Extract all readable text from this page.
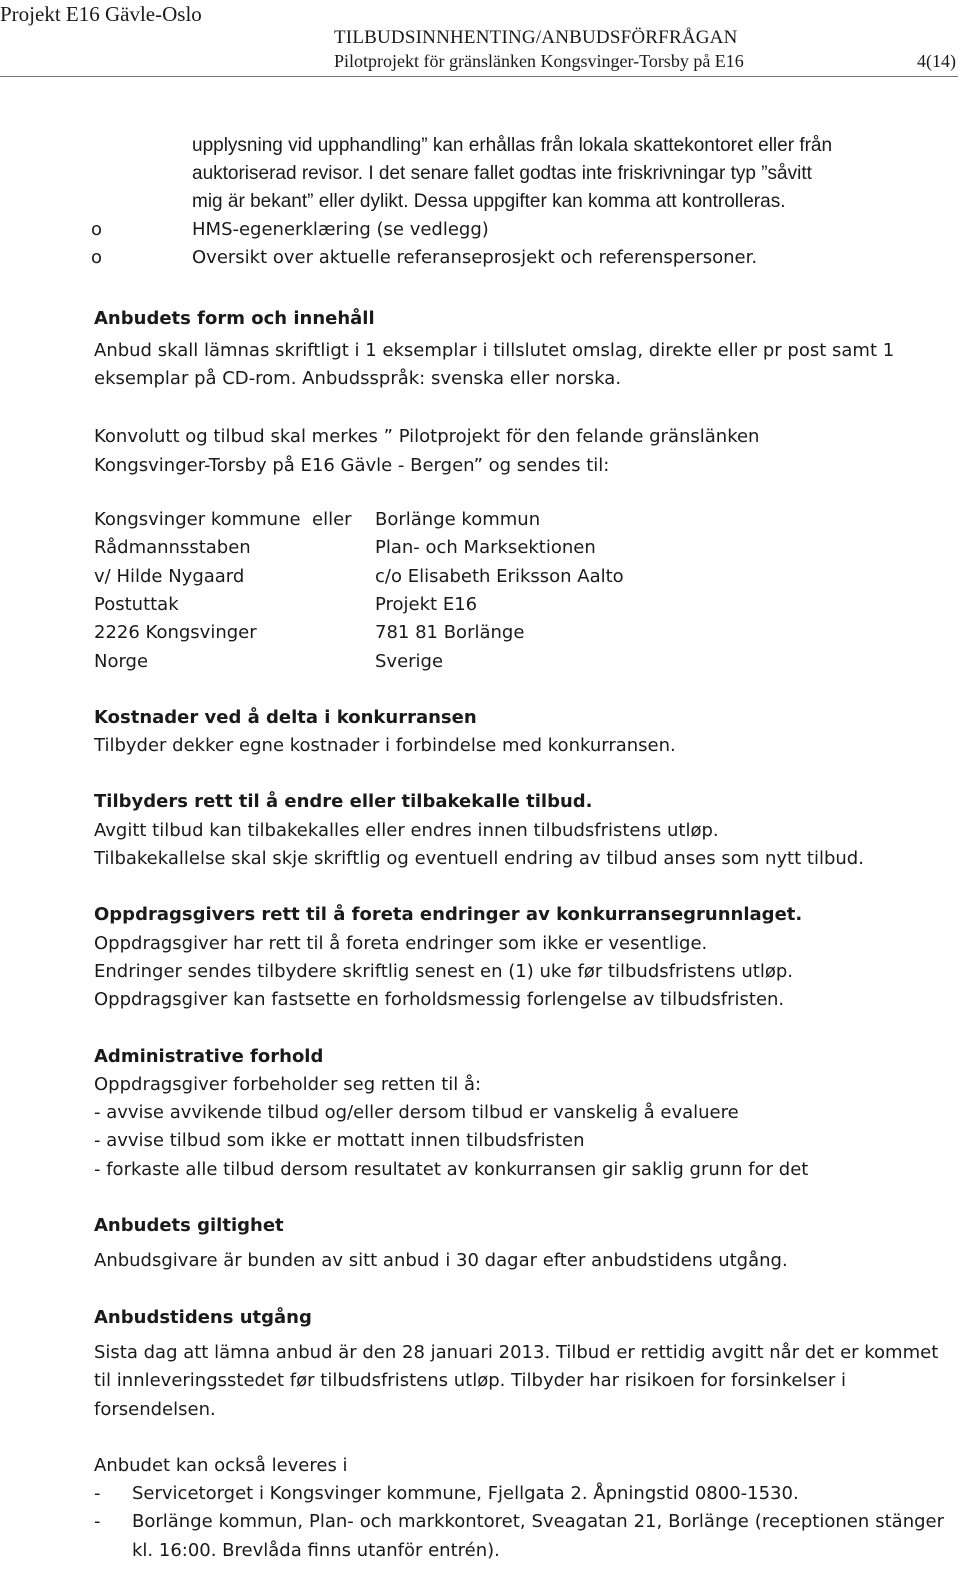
Projekt E16 Gävle-Oslo
TILBUDSINNHENTING/ANBUDSFÖRFRÅGAN
Pilotprojekt för gränslänken Kongsvinger-Torsby på E16	4(14)
upplysning vid upphandling” kan erhållas från lokala skattekontoret eller från
auktoriserad revisor. I det senare fallet godtas inte friskrivningar typ ”såvitt
mig är bekant” eller dylikt. Dessa uppgifter kan komma att kontrolleras.
o	HMS-egenerklæring (se vedlegg)
o	Oversikt over aktuelle referanseprosjekt och referenspersoner.
Anbudets form och innehåll

Anbud skall lämnas skriftligt i 1 eksemplar i tillslutet omslag, direkte eller pr post samt 1 eksemplar på CD-rom. Anbudsspråk: svenska eller norska.

Konvolutt og tilbud skal merkes ” Pilotprojekt för den felande gränslänken

Kongsvinger-Torsby på E16 Gävle - Bergen” og sendes til:

Kongsvinger kommune  eller	Borlänge kommun
Rådmannsstaben	Plan- och Marksektionen
v/ Hilde Nygaard	c/o Elisabeth Eriksson Aalto
Postuttak	Projekt E16
2226 Kongsvinger	781 81 Borlänge
Norge	Sverige
Kostnader ved å delta i konkurransen

Tilbyder dekker egne kostnader i forbindelse med konkurransen.

Tilbyders rett til å endre eller tilbakekalle tilbud.

Avgitt tilbud kan tilbakekalles eller endres innen tilbudsfristens utløp.

Tilbakekallelse skal skje skriftlig og eventuell endring av tilbud anses som nytt tilbud.

Oppdragsgivers rett til å foreta endringer av konkurransegrunnlaget.

Oppdragsgiver har rett til å foreta endringer som ikke er vesentlige.

Endringer sendes tilbydere skriftlig senest en (1) uke før tilbudsfristens utløp.

Oppdragsgiver kan fastsette en forholdsmessig forlengelse av tilbudsfristen.

Administrative forhold

Oppdragsgiver forbeholder seg retten til å:

- avvise avvikende tilbud og/eller dersom tilbud er vanskelig å evaluere

- avvise tilbud som ikke er mottatt innen tilbudsfristen

- forkaste alle tilbud dersom resultatet av konkurransen gir saklig grunn for det

Anbudets giltighet

Anbudsgivare är bunden av sitt anbud i 30 dagar efter anbudstidens utgång.

Anbudstidens utgång

Sista dag att lämna anbud är den 28 januari 2013. Tilbud er rettidig avgitt når det er kommet til innleveringsstedet før tilbudsfristens utløp. Tilbyder har risikoen for forsinkelser i forsendelsen.

Anbudet kan också leveres i

- Servicetorget i Kongsvinger kommune, Fjellgata 2. Åpningstid 0800-1530.
- Borlänge kommun, Plan- och markkontoret, Sveagatan 21, Borlänge (receptionen stänger kl. 16:00. Brevlåda finns utanför entrén).
